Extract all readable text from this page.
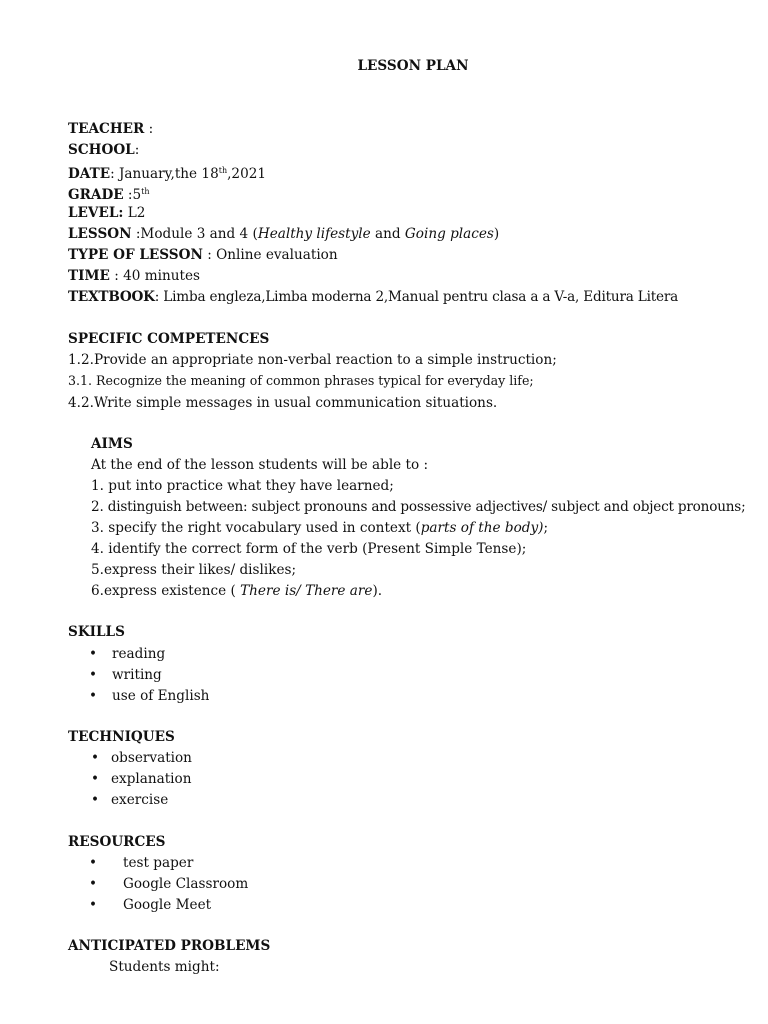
LESSON PLAN
TEACHER :
SCHOOL:
DATE: January,the 18th,2021
GRADE :5th
LEVEL: L2
LESSON :Module 3 and 4 (Healthy lifestyle and Going places)
TYPE OF LESSON : Online evaluation
TIME : 40 minutes
TEXTBOOK: Limba engleza,Limba moderna 2,Manual pentru clasa a a V-a, Editura Litera
SPECIFIC COMPETENCES
1.2.Provide an appropriate non-verbal reaction to a simple instruction;
3.1. Recognize the meaning of common phrases typical for everyday life;
4.2.Write simple messages in usual communication situations.
AIMS
At the end of the lesson students will be able to :
1. put into practice what they have learned;
2. distinguish between: subject pronouns and possessive adjectives/ subject and object pronouns;
3. specify the right vocabulary used in context (parts of the body);
4. identify the correct form of the verb (Present Simple Tense);
5.express their likes/ dislikes;
6.express existence ( There is/ There are).
SKILLS
• reading
• writing
• use of English
TECHNIQUES
• observation
• explanation
• exercise
RESOURCES
• test paper
• Google Classroom
• Google Meet
ANTICIPATED PROBLEMS
Students might:
